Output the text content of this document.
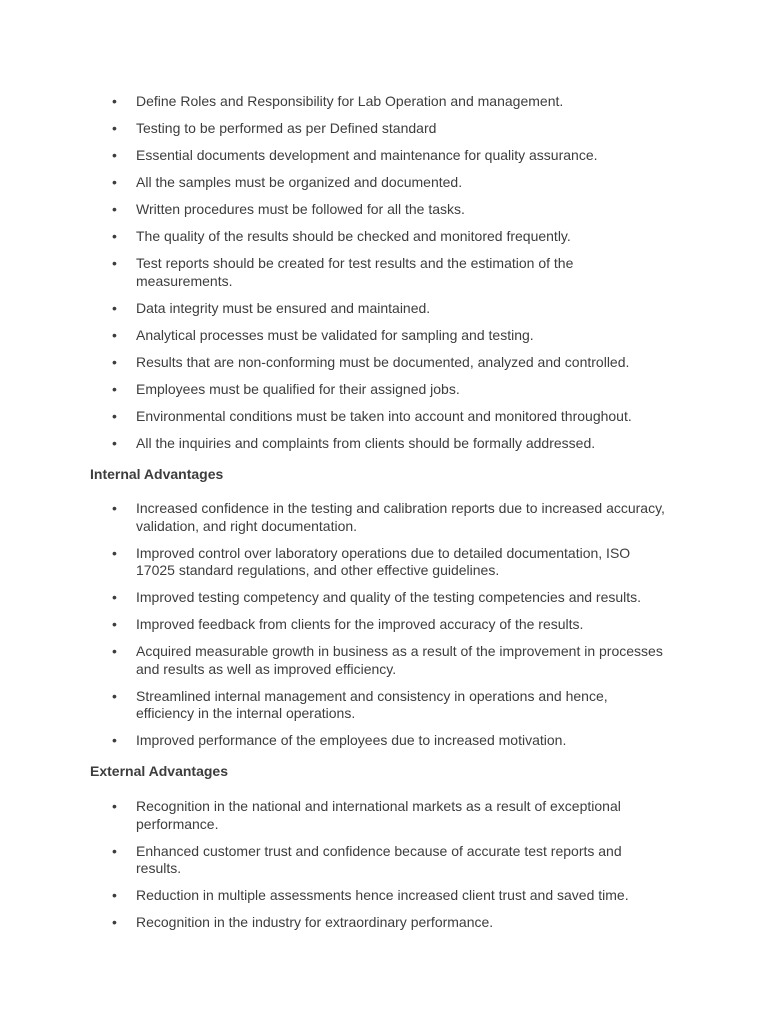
• Define Roles and Responsibility for Lab Operation and management.
• Testing to be performed as per Defined standard
• Essential documents development and maintenance for quality assurance.
• All the samples must be organized and documented.
• Written procedures must be followed for all the tasks.
• The quality of the results should be checked and monitored frequently.
• Test reports should be created for test results and the estimation of the measurements.
• Data integrity must be ensured and maintained.
• Analytical processes must be validated for sampling and testing.
• Results that are non-conforming must be documented, analyzed and controlled.
• Employees must be qualified for their assigned jobs.
• Environmental conditions must be taken into account and monitored throughout.
• All the inquiries and complaints from clients should be formally addressed.
Internal Advantages
• Increased confidence in the testing and calibration reports due to increased accuracy, validation, and right documentation.
• Improved control over laboratory operations due to detailed documentation, ISO 17025 standard regulations, and other effective guidelines.
• Improved testing competency and quality of the testing competencies and results.
• Improved feedback from clients for the improved accuracy of the results.
• Acquired measurable growth in business as a result of the improvement in processes and results as well as improved efficiency.
• Streamlined internal management and consistency in operations and hence, efficiency in the internal operations.
• Improved performance of the employees due to increased motivation.
External Advantages
• Recognition in the national and international markets as a result of exceptional performance.
• Enhanced customer trust and confidence because of accurate test reports and results.
• Reduction in multiple assessments hence increased client trust and saved time.
• Recognition in the industry for extraordinary performance.
